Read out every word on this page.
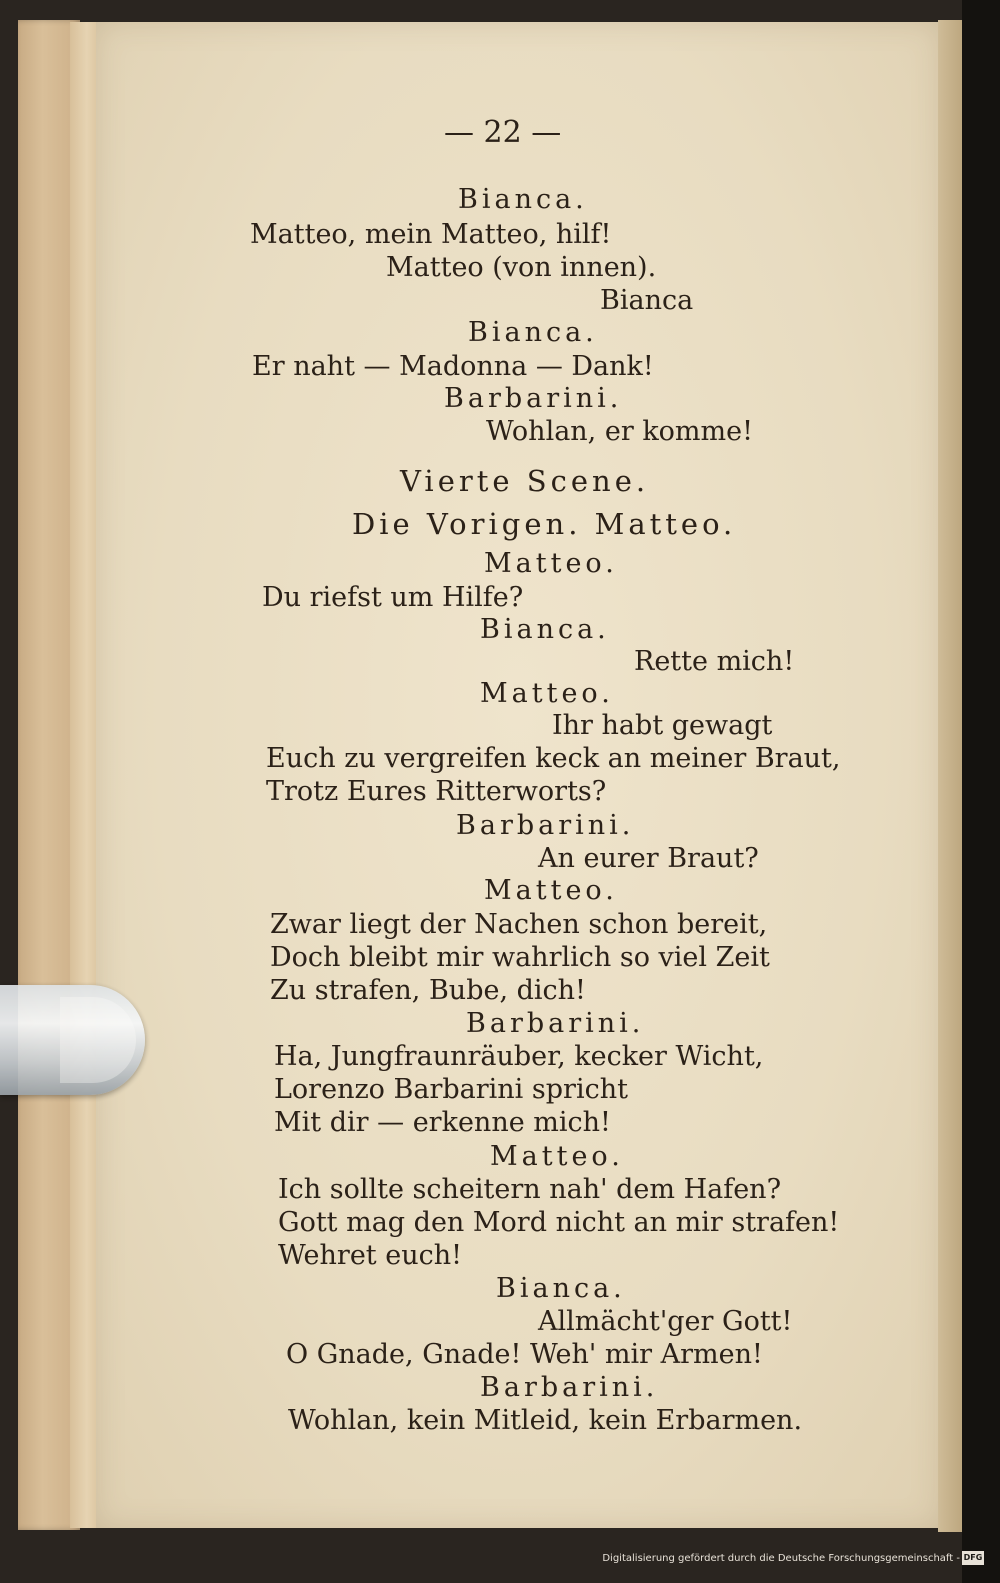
— 22 —
Bianca.
Matteo, mein Matteo, hilf!
Matteo (von innen).
Bianca
Bianca.
Er naht — Madonna — Dank!
Barbarini.
Wohlan, er komme!
Vierte Scene.
Die Vorigen. Matteo.
Matteo.
Du riefst um Hilfe?
Bianca.
Rette mich!
Matteo.
Ihr habt gewagt
Euch zu vergreifen keck an meiner Braut,
Trotz Eures Ritterworts?
Barbarini.
An eurer Braut?
Matteo.
Zwar liegt der Nachen schon bereit,
Doch bleibt mir wahrlich so viel Zeit
Zu strafen, Bube, dich!
Barbarini.
Ha, Jungfraunräuber, kecker Wicht,
Lorenzo Barbarini spricht
Mit dir — erkenne mich!
Matteo.
Ich sollte scheitern nah' dem Hafen?
Gott mag den Mord nicht an mir strafen!
Wehret euch!
Bianca.
Allmächt'ger Gott!
O Gnade, Gnade! Weh' mir Armen!
Barbarini.
Wohlan, kein Mitleid, kein Erbarmen.
Digitalisierung gefördert durch die Deutsche Forschungsgemeinschaft - DFG
